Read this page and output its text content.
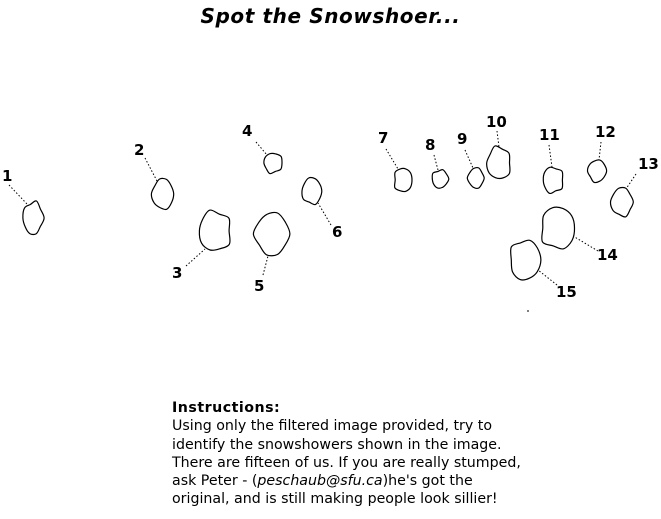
Spot the Snowshoer...
1
2
3
4
5
6
7 8 9
10
11 12
13
14
15
Instructions:
Using only the filtered image provided, try to
identify the snowshowers shown in the image.
There are fifteen of us. If you are really stumped,
ask Peter - (peschaub@sfu.ca)he's got the
original, and is still making people look sillier!
